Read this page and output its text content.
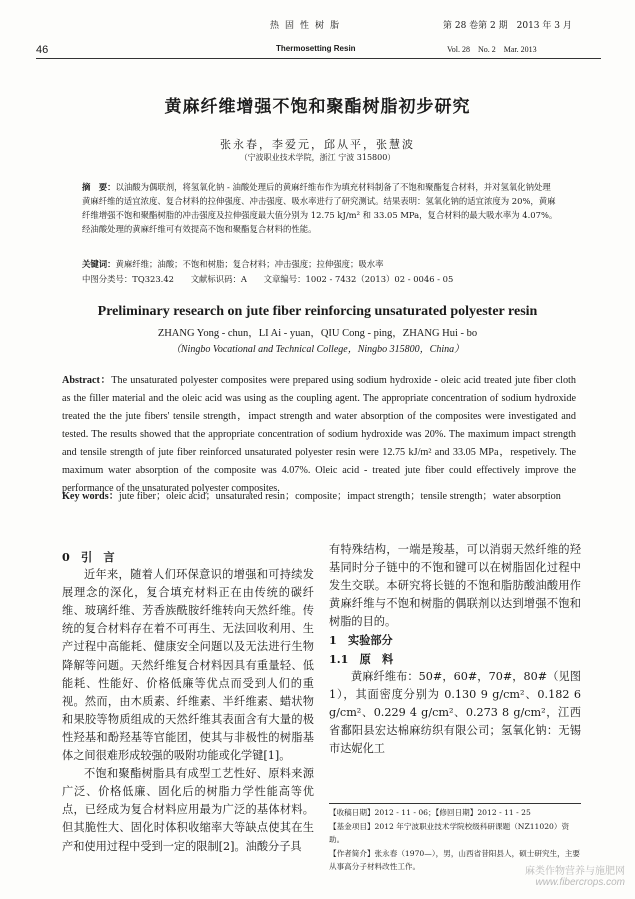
热固性树脂
Thermosetting Resin
第 28 卷第 2 期　2013 年 3 月
Vol. 28　No. 2　Mar. 2013
46
黄麻纤维增强不饱和聚酯树脂初步研究
张永春，李爱元，邱从平，张慧波
（宁波职业技术学院，浙江 宁波 315800）
摘　要：以油酸为偶联剂，将氢氧化钠 - 油酸处理后的黄麻纤维布作为填充材料制备了不饱和聚酯复合材料，并对氢氧化钠处理黄麻纤维的适宜浓度、复合材料的拉伸强度、冲击强度、吸水率进行了研究测试。结果表明：氢氧化钠的适宜浓度为 20%，黄麻纤维增强不饱和聚酯树脂的冲击强度及拉伸强度最大值分别为 12.75 kJ/m² 和 33.05 MPa，复合材料的最大吸水率为 4.07%。经油酸处理的黄麻纤维可有效提高不饱和聚酯复合材料的性能。
关键词：黄麻纤维；油酸；不饱和树脂；复合材料；冲击强度；拉伸强度；吸水率
中图分类号：TQ323.42 文献标识码：A 文章编号：1002 - 7432（2013）02 - 0046 - 05
Preliminary research on jute fiber reinforcing unsaturated polyester resin
ZHANG Yong - chun，LI Ai - yuan，QIU Cong - ping，ZHANG Hui - bo
（Ningbo Vocational and Technical College，Ningbo 315800，China）
Abstract：The unsaturated polyester composites were prepared using sodium hydroxide - oleic acid treated jute fiber cloth as the filler material and the oleic acid was using as the coupling agent. The appropriate concentration of sodium hydroxide treated the the jute fibers' tensile strength，impact strength and water absorption of the composites were investigated and tested. The results showed that the appropriate concentration of sodium hydroxide was 20%. The maximum impact strength and tensile strength of jute fiber reinforced unsaturated polyester resin were 12.75 kJ/m² and 33.05 MPa，respetively. The maximum water absorption of the composite was 4.07%. Oleic acid - treated jute fiber could effectively improve the performance of the unsaturated polyester composites.
Key words：jute fiber；oleic acid；unsaturated resin；composite；impact strength；tensile strength；water absorption

0　引　言

近年来，随着人们环保意识的增强和可持续发展理念的深化，复合填充材料正在由传统的碳纤维、玻璃纤维、芳香族酰胺纤维转向天然纤维。传统的复合材料存在着不可再生、无法回收利用、生产过程中高能耗、健康安全问题以及无法进行生物降解等问题。天然纤维复合材料因具有重量轻、低能耗、性能好、价格低廉等优点而受到人们的重视。然而，由木质素、纤维素、半纤维素、蜡状物和果胶等物质组成的天然纤维其表面含有大量的极性羟基和酚羟基等官能团，使其与非极性的树脂基体之间很难形成较强的吸附功能或化学键[1]。

不饱和聚酯树脂具有成型工艺性好、原料来源广泛、价格低廉、固化后的树脂力学性能高等优点，已经成为复合材料应用最为广泛的基体材料。但其脆性大、固化时体积收缩率大等缺点使其在生产和使用过程中受到一定的限制[2]。油酸分子具

有特殊结构，一端是羧基，可以消弱天然纤维的羟基同时分子链中的不饱和键可以在树脂固化过程中发生交联。本研究将长链的不饱和脂肪酸油酸用作黄麻纤维与不饱和树脂的偶联剂以达到增强不饱和树脂的目的。

1　实验部分

1.1　原　料

黄麻纤维布：50#，60#，70#，80#（见图 1），其面密度分别为 0.130 9 g/cm²、0.182 6 g/cm²、0.229 4 g/cm²、0.273 8 g/cm²，江西省鄱阳县宏达棉麻纺织有限公司；氢氧化钠：无锡市达妮化工

【收稿日期】2012 - 11 - 06；【修回日期】2012 - 11 - 25

【基金项目】2012 年宁波职业技术学院校级科研课题（NZ11020）资助。

【作者简介】张永春（1970—），男，山西省昔阳县人，硕士研究生，主要从事高分子材料改性工作。	麻类作物营养与施肥网
www.fibercrops.com
